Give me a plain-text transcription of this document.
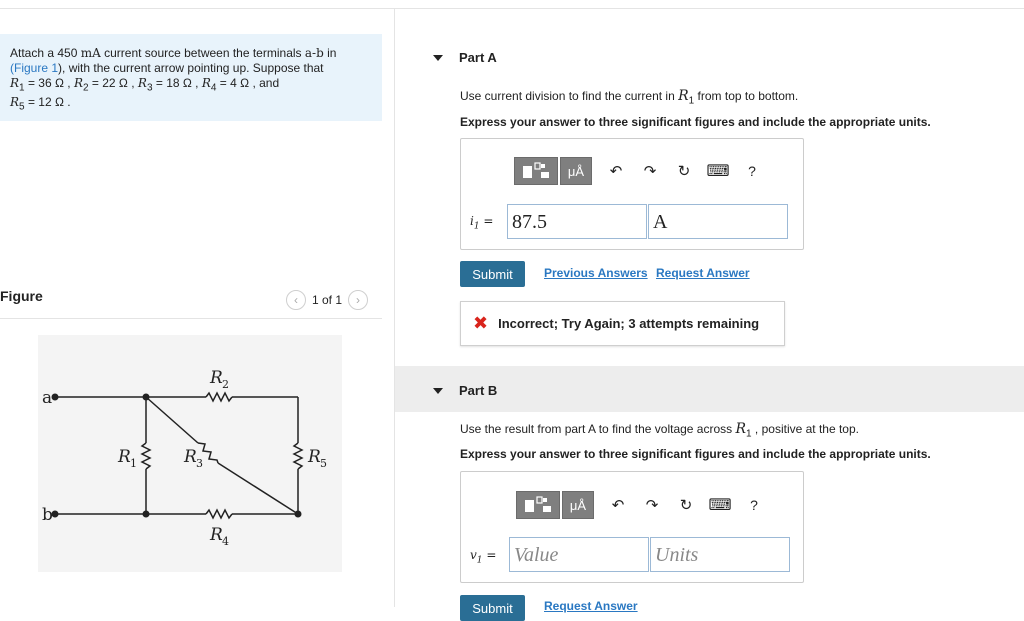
Attach a 450 mA current source between the terminals a-b in
(Figure 1), with the current arrow pointing up. Suppose that
$R_1 = 36$ Ω , $R_2 = 22$ Ω , $R_3 = 18$ Ω , $R_4 = 4$ Ω , and
$R_5 = 12$ Ω .
Figure	‹	1 of 1	›
a
b
R 2
R 1	R 3	R 5
R 4
Part A
Use current division to find the current in $R_1$ from top to bottom.
Express your answer to three significant figures and include the appropriate units.
μÅ	↶	↷	↻	⌨	?
$i_1 = 87.5$	A
Submit	Previous Answers Request Answer
✖ Incorrect; Try Again; 3 attempts remaining
Part B
Use the result from part A to find the voltage across $R_1$ , positive at the top.
Express your answer to three significant figures and include the appropriate units.
μÅ	↶	↷	↻	⌨	?
$v_1$ = Value	Units
Submit	Request Answer
